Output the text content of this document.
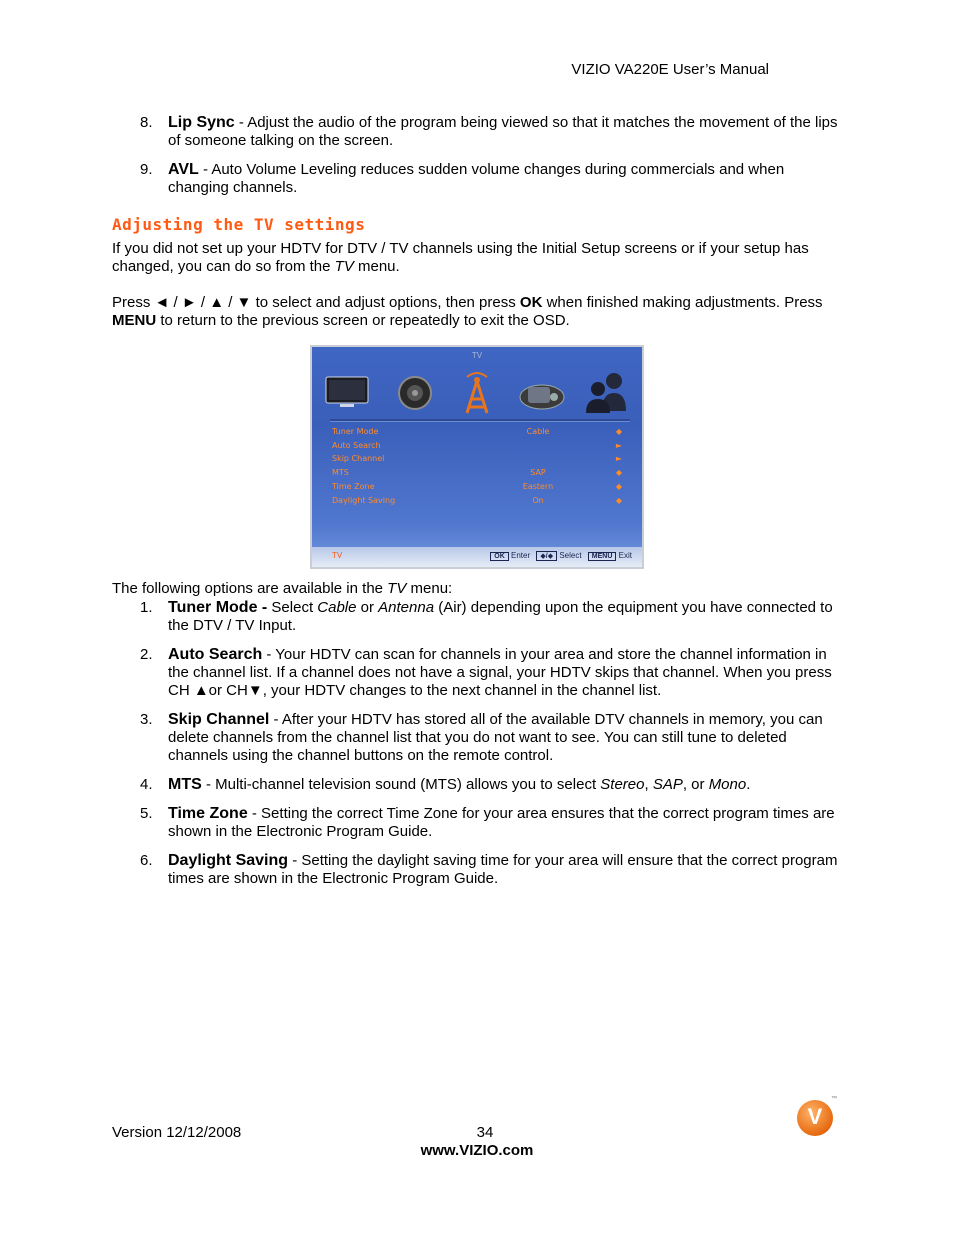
VIZIO VA220E User’s Manual
8. Lip Sync - Adjust the audio of the program being viewed so that it matches the movement of the lips of someone talking on the screen.
9. AVL - Auto Volume Leveling reduces sudden volume changes during commercials and when changing channels.
Adjusting the TV settings
If you did not set up your HDTV for DTV / TV channels using the Initial Setup screens or if your setup has changed, you can do so from the TV menu.
Press ◄ / ► / ▲ / ▼ to select and adjust options, then press OK when finished making adjustments. Press MENU to return to the previous screen or repeatedly to exit the OSD.
TV
Tuner Mode	Cable	◆
Auto Search	►
Skip Channel	►
MTS	SAP	◆
Time Zone	Eastern	◆
Daylight Saving	On	◆
TV	OK Enter ◆/◆ Select MENU Exit
The following options are available in the TV menu:
1. Tuner Mode - Select Cable or Antenna (Air) depending upon the equipment you have connected to the DTV / TV Input.
2. Auto Search - Your HDTV can scan for channels in your area and store the channel information in the channel list. If a channel does not have a signal, your HDTV skips that channel. When you press CH ▲or CH▼, your HDTV changes to the next channel in the channel list.
3. Skip Channel - After your HDTV has stored all of the available DTV channels in memory, you can delete channels from the channel list that you do not want to see. You can still tune to deleted channels using the channel buttons on the remote control.
4. MTS - Multi-channel television sound (MTS) allows you to select Stereo, SAP, or Mono.
5. Time Zone - Setting the correct Time Zone for your area ensures that the correct program times are shown in the Electronic Program Guide.
6. Daylight Saving - Setting the daylight saving time for your area will ensure that the correct program times are shown in the Electronic Program Guide.
Version 12/12/2008	34
www.VIZIO.com
V
™
